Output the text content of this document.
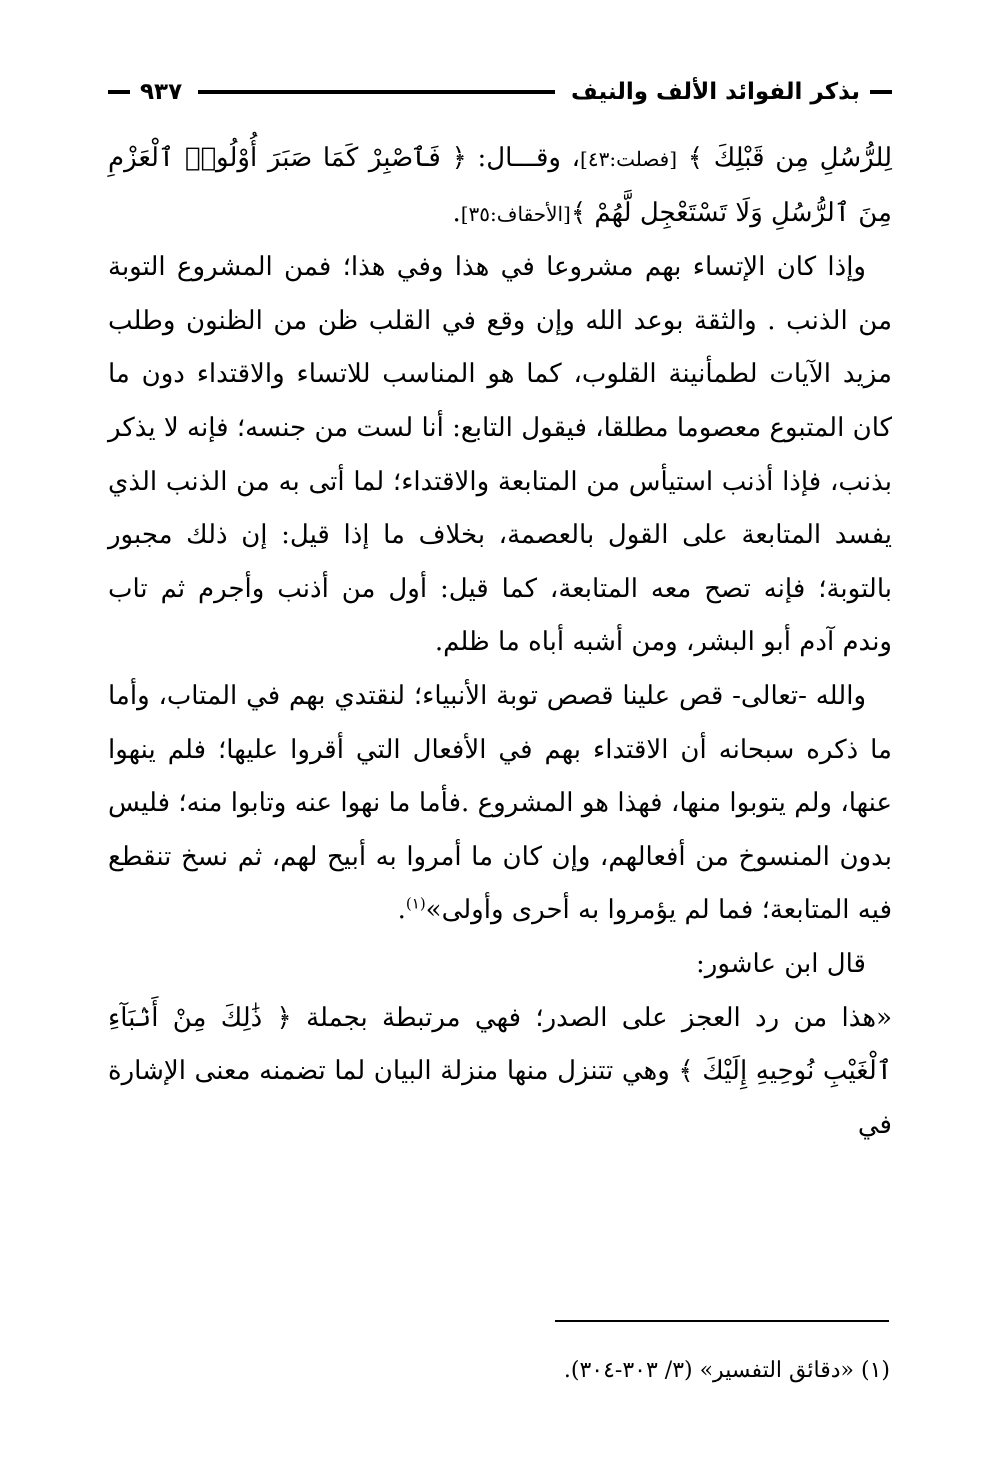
بذكر الفوائد الألف والنيف
٩٣٧

لِلرُّسُلِ مِن قَبْلِكَ ﴾ [فصلت:٤٣]، وقـــال: ﴿ فَٱصْبِرْ كَمَا صَبَرَ أُوْلُوا۟ ٱلْعَزْمِ مِنَ ٱلرُّسُلِ وَلَا تَسْتَعْجِل لَّهُمْ ﴾[الأحقاف:٣٥].

وإذا كان الإتساء بهم مشروعا في هذا وفي هذا؛ فمن المشروع التوبة من الذنب . والثقة بوعد الله وإن وقع في القلب ظن من الظنون وطلب مزيد الآيات لطمأنينة القلوب، كما هو المناسب للاتساء والاقتداء دون ما كان المتبوع معصوما مطلقا، فيقول التابع: أنا لست من جنسه؛ فإنه لا يذكر بذنب، فإذا أذنب استيأس من المتابعة والاقتداء؛ لما أتى به من الذنب الذي يفسد المتابعة على القول بالعصمة، بخلاف ما إذا قيل: إن ذلك مجبور بالتوبة؛ فإنه تصح معه المتابعة، كما قيل: أول من أذنب وأجرم ثم تاب وندم آدم أبو البشر، ومن أشبه أباه ما ظلم.

والله -تعالى- قص علينا قصص توبة الأنبياء؛ لنقتدي بهم في المتاب، وأما ما ذكره سبحانه أن الاقتداء بهم في الأفعال التي أقروا عليها؛ فلم ينهوا عنها، ولم يتوبوا منها، فهذا هو المشروع .فأما ما نهوا عنه وتابوا منه؛ فليس بدون المنسوخ من أفعالهم، وإن كان ما أمروا به أبيح لهم، ثم نسخ تنقطع فيه المتابعة؛ فما لم يؤمروا به أحرى وأولى»$^{(١)}$.

قال ابن عاشور:

«هذا من رد العجز على الصدر؛ فهي مرتبطة بجملة ﴿ ذَٰلِكَ مِنْ أَنۢبَآءِ ٱلْغَيْبِ نُوحِيهِ إِلَيْكَ ﴾ وهي تتنزل منها منزلة البيان لما تضمنه معنى الإشارة في

(١) «دقائق التفسير» (٣/ ٣٠٣-٣٠٤).
